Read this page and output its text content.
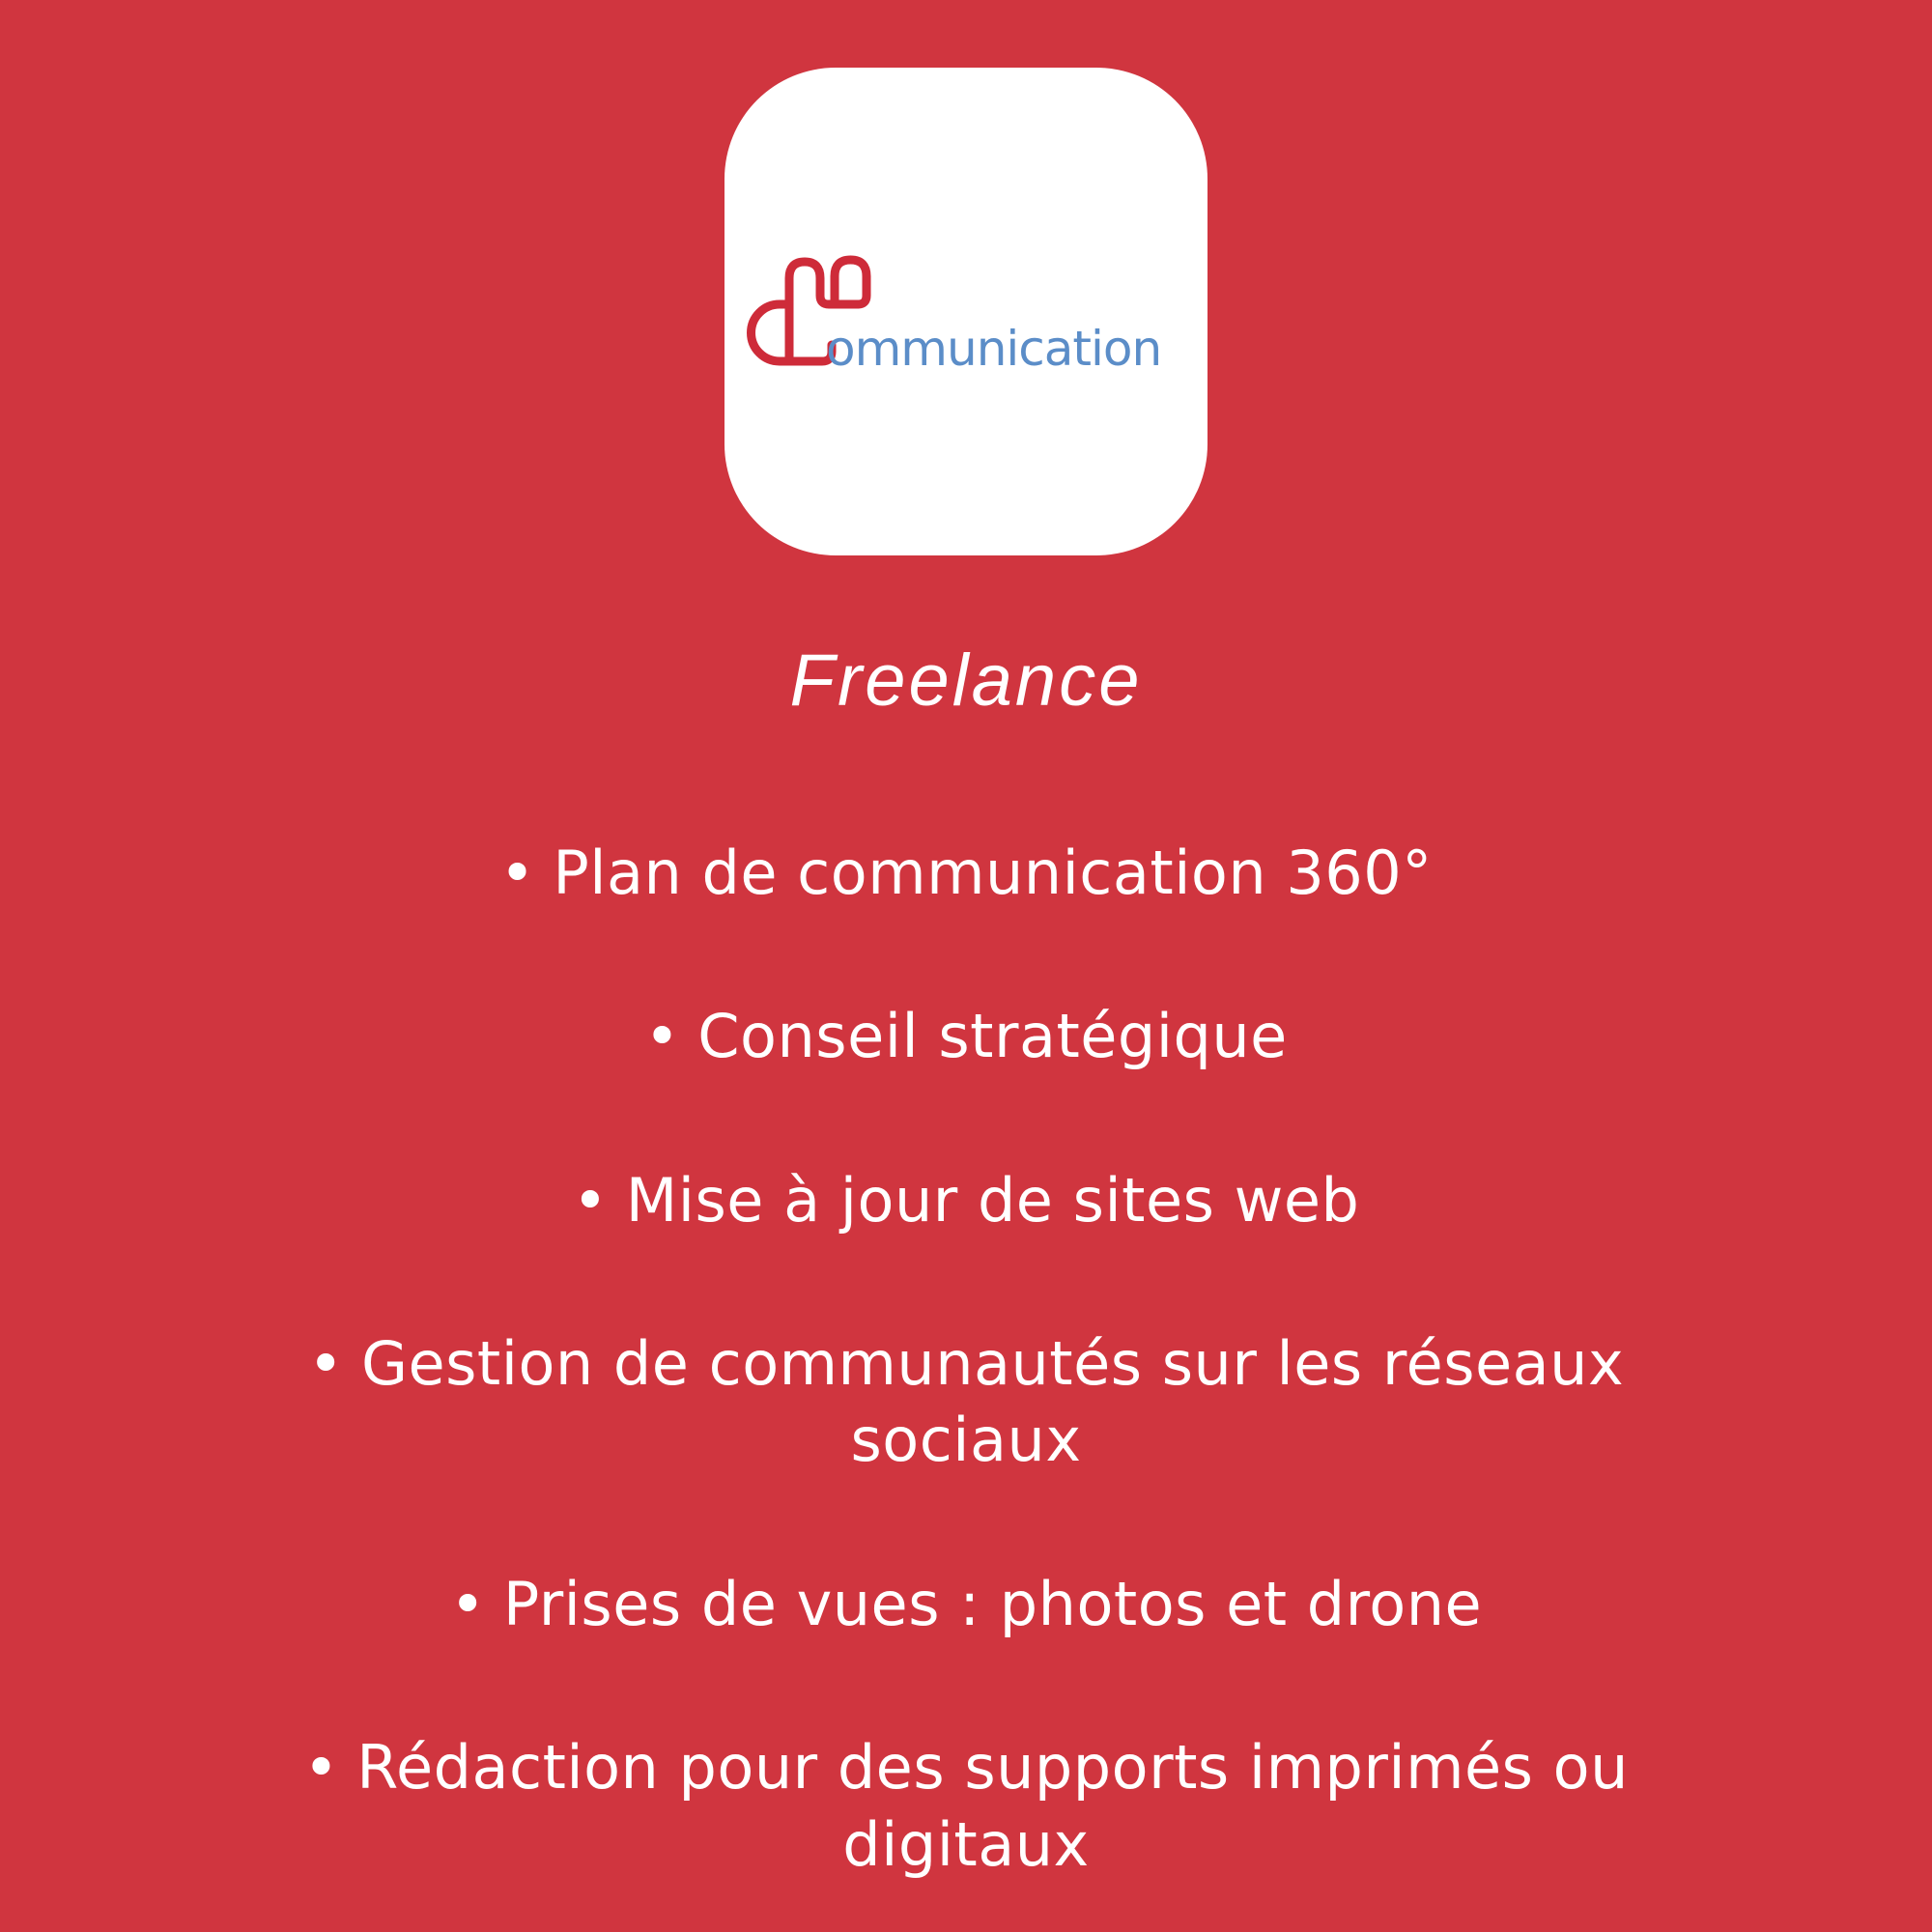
ommunication
Freelance
• Plan de communication 360°
• Conseil stratégique
• Mise à jour de sites web
• Gestion de communautés sur les réseaux sociaux
• Prises de vues : photos et drone
• Rédaction pour des supports imprimés ou digitaux
